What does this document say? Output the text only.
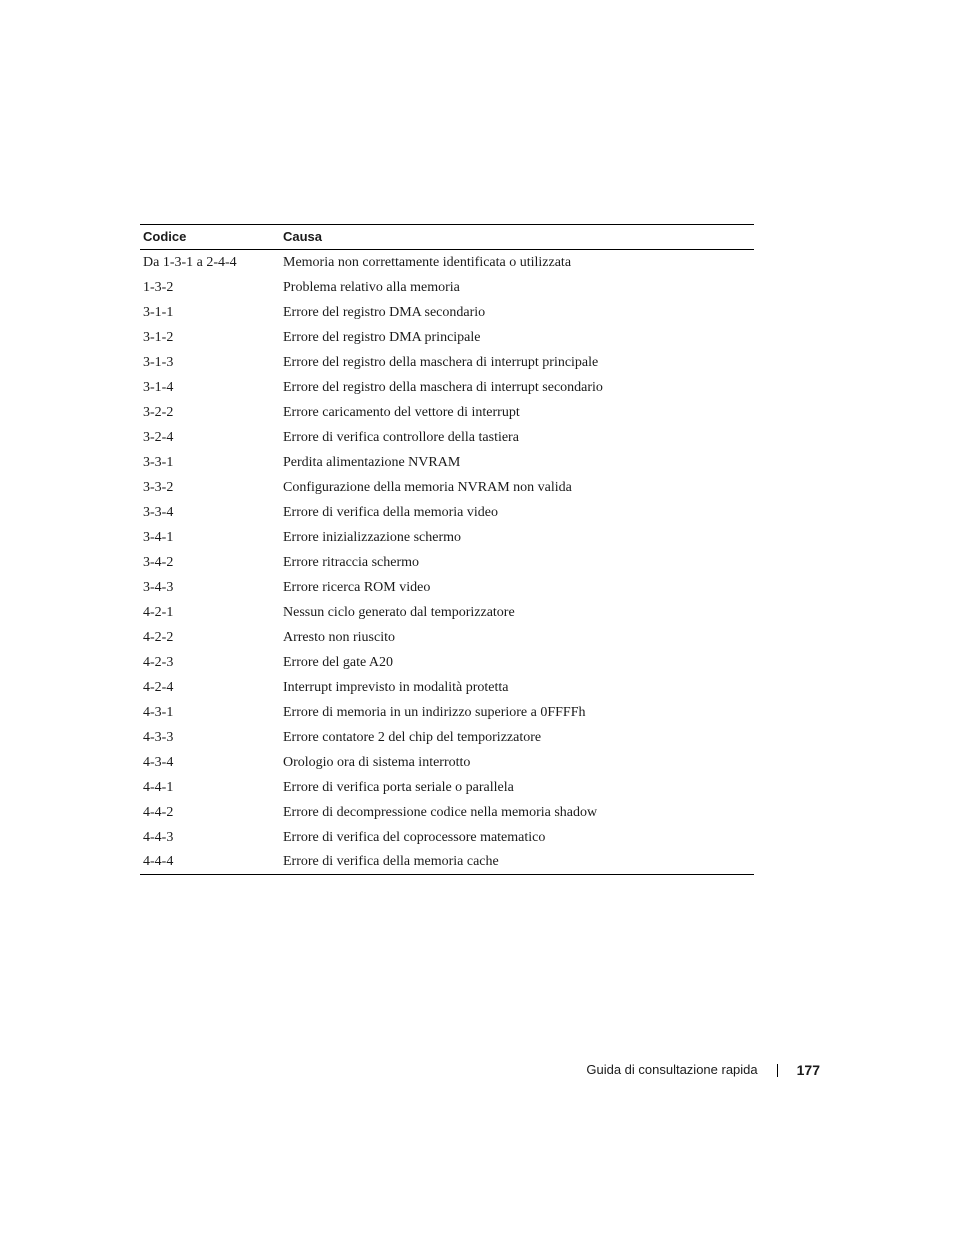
Codice	Causa
Da 1-3-1 a 2-4-4	Memoria non correttamente identificata o utilizzata
1-3-2	Problema relativo alla memoria
3-1-1	Errore del registro DMA secondario
3-1-2	Errore del registro DMA principale
3-1-3	Errore del registro della maschera di interrupt principale
3-1-4	Errore del registro della maschera di interrupt secondario
3-2-2	Errore caricamento del vettore di interrupt
3-2-4	Errore di verifica controllore della tastiera
3-3-1	Perdita alimentazione NVRAM
3-3-2	Configurazione della memoria NVRAM non valida
3-3-4	Errore di verifica della memoria video
3-4-1	Errore inizializzazione schermo
3-4-2	Errore ritraccia schermo
3-4-3	Errore ricerca ROM video
4-2-1	Nessun ciclo generato dal temporizzatore
4-2-2	Arresto non riuscito
4-2-3	Errore del gate A20
4-2-4	Interrupt imprevisto in modalità protetta
4-3-1	Errore di memoria in un indirizzo superiore a 0FFFFh
4-3-3	Errore contatore 2 del chip del temporizzatore
4-3-4	Orologio ora di sistema interrotto
4-4-1	Errore di verifica porta seriale o parallela
4-4-2	Errore di decompressione codice nella memoria shadow
4-4-3	Errore di verifica del coprocessore matematico
4-4-4	Errore di verifica della memoria cache
Guida di consultazione rapida	177
